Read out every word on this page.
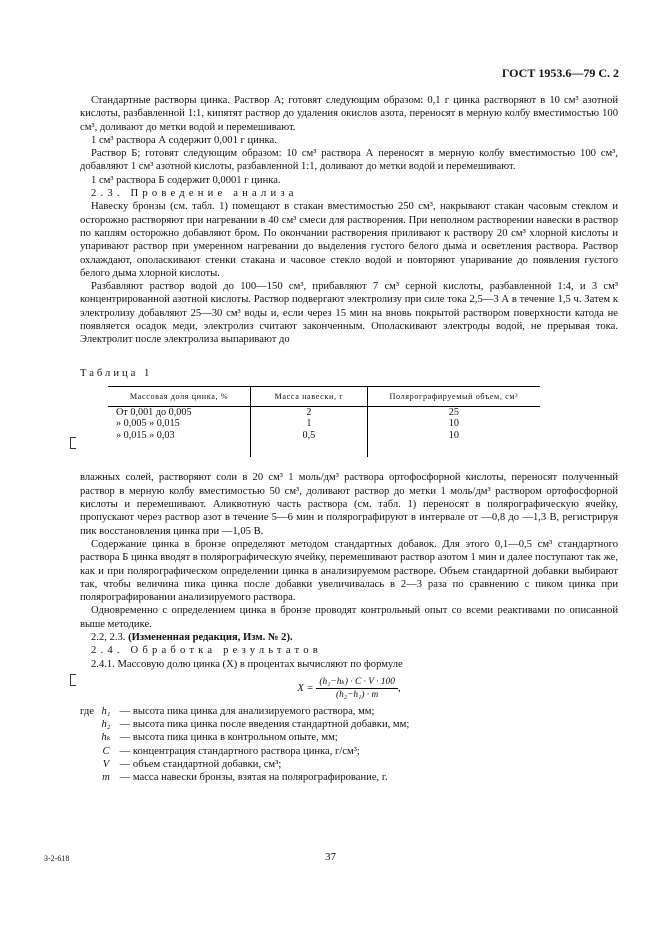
ГОСТ 1953.6—79 С. 2

Стандартные растворы цинка. Раствор А; готовят следующим образом: 0,1 г цинка растворяют в 10 см³ азотной кислоты, разбавленной 1:1, кипятят раствор до удаления окислов азота, переносят в мерную колбу вместимостью 100 см³, доливают до метки водой и перемешивают.

1 см³ раствора А содержит 0,001 г цинка.

Раствор Б; готовят следующим образом: 10 см³ раствора А переносят в мерную колбу вместимостью 100 см³, добавляют 1 см³ азотной кислоты, разбавленной 1:1, доливают до метки водой и перемешивают.

1 см³ раствора Б содержит 0,0001 г цинка.

2.3. Проведение анализа

Навеску бронзы (см. табл. 1) помещают в стакан вместимостью 250 см³, накрывают стакан часовым стеклом и осторожно растворяют при нагревании в 40 см³ смеси для растворения. При неполном растворении навески в раствор по каплям осторожно добавляют бром. По окончании растворения приливают к раствору 20 см³ хлорной кислоты и упаривают раствор при умеренном нагревании до выделения густого белого дыма и осветления раствора. Раствор охлаждают, ополаскивают стенки стакана и часовое стекло водой и повторяют упаривание до появления густого белого дыма хлорной кислоты.

Разбавляют раствор водой до 100—150 см³, прибавляют 7 см³ серной кислоты, разбавленной 1:4, и 3 см³ концентрированной азотной кислоты. Раствор подвергают электролизу при силе тока 2,5—3 А в течение 1,5 ч. Затем к электролизу добавляют 25—30 см³ воды и, если через 15 мин на вновь покрытой раствором поверхности катода не появляется осадок меди, электролиз считают законченным. Ополаскивают электроды водой, не прерывая тока. Электролит после электролиза выпаривают до

Таблица 1

Массовая доля цинка, %	Масса навески, г	Полярографируемый объем, см³
От 0,001 до 0,005	2	25
» 0,005 » 0,015	1	10
» 0,015 » 0,03	0,5	10

влажных солей, растворяют соли в 20 см³ 1 моль/дм³ раствора ортофосфорной кислоты, переносят полученный раствор в мерную колбу вместимостью 50 см³, доливают раствор до метки 1 моль/дм³ раствором ортофосфорной кислоты и перемешивают. Аликвотную часть раствора (см. табл. 1) переносят в полярографическую ячейку, пропускают через раствор азот в течение 5—6 мин и полярографируют в интервале от —0,8 до —1,3 В, регистрируя пик восстановления цинка при —1,05 В.

Содержание цинка в бронзе определяют методом стандартных добавок. Для этого 0,1—0,5 см³ стандартного раствора Б цинка вводят в полярографическую ячейку, перемешивают раствор азотом 1 мин и далее поступают так же, как и при полярографическом определении цинка в анализируемом растворе. Объем стандартной добавки выбирают так, чтобы величина пика цинка после добавки увеличивалась в 2—3 раза по сравнению с пиком цинка при полярографировании анализируемого раствора.

Одновременно с определением цинка в бронзе проводят контрольный опыт со всеми реактивами по описанной выше методике.

2.2, 2.3. (Измененная редакция, Изм. № 2).

2.4. Обработка результатов

2.4.1. Массовую долю цинка (X) в процентах вычисляют по формуле

$X = \frac{\text{(h₁−hₖ) · C · V · 100}}{\text{(h₂−h₁) · m}}$ ,
где h₁ — высота пика цинка для анализируемого раствора, мм;
h₂ — высота пика цинка после введения стандартной добавки, мм;
hₖ — высота пика цинка в контрольном опыте, мм;
C — концентрация стандартного раствора цинка, г/см³;
V — объем стандартной добавки, см³;
m — масса навески бронзы, взятая на полярографирование, г.
3-2-618	37
